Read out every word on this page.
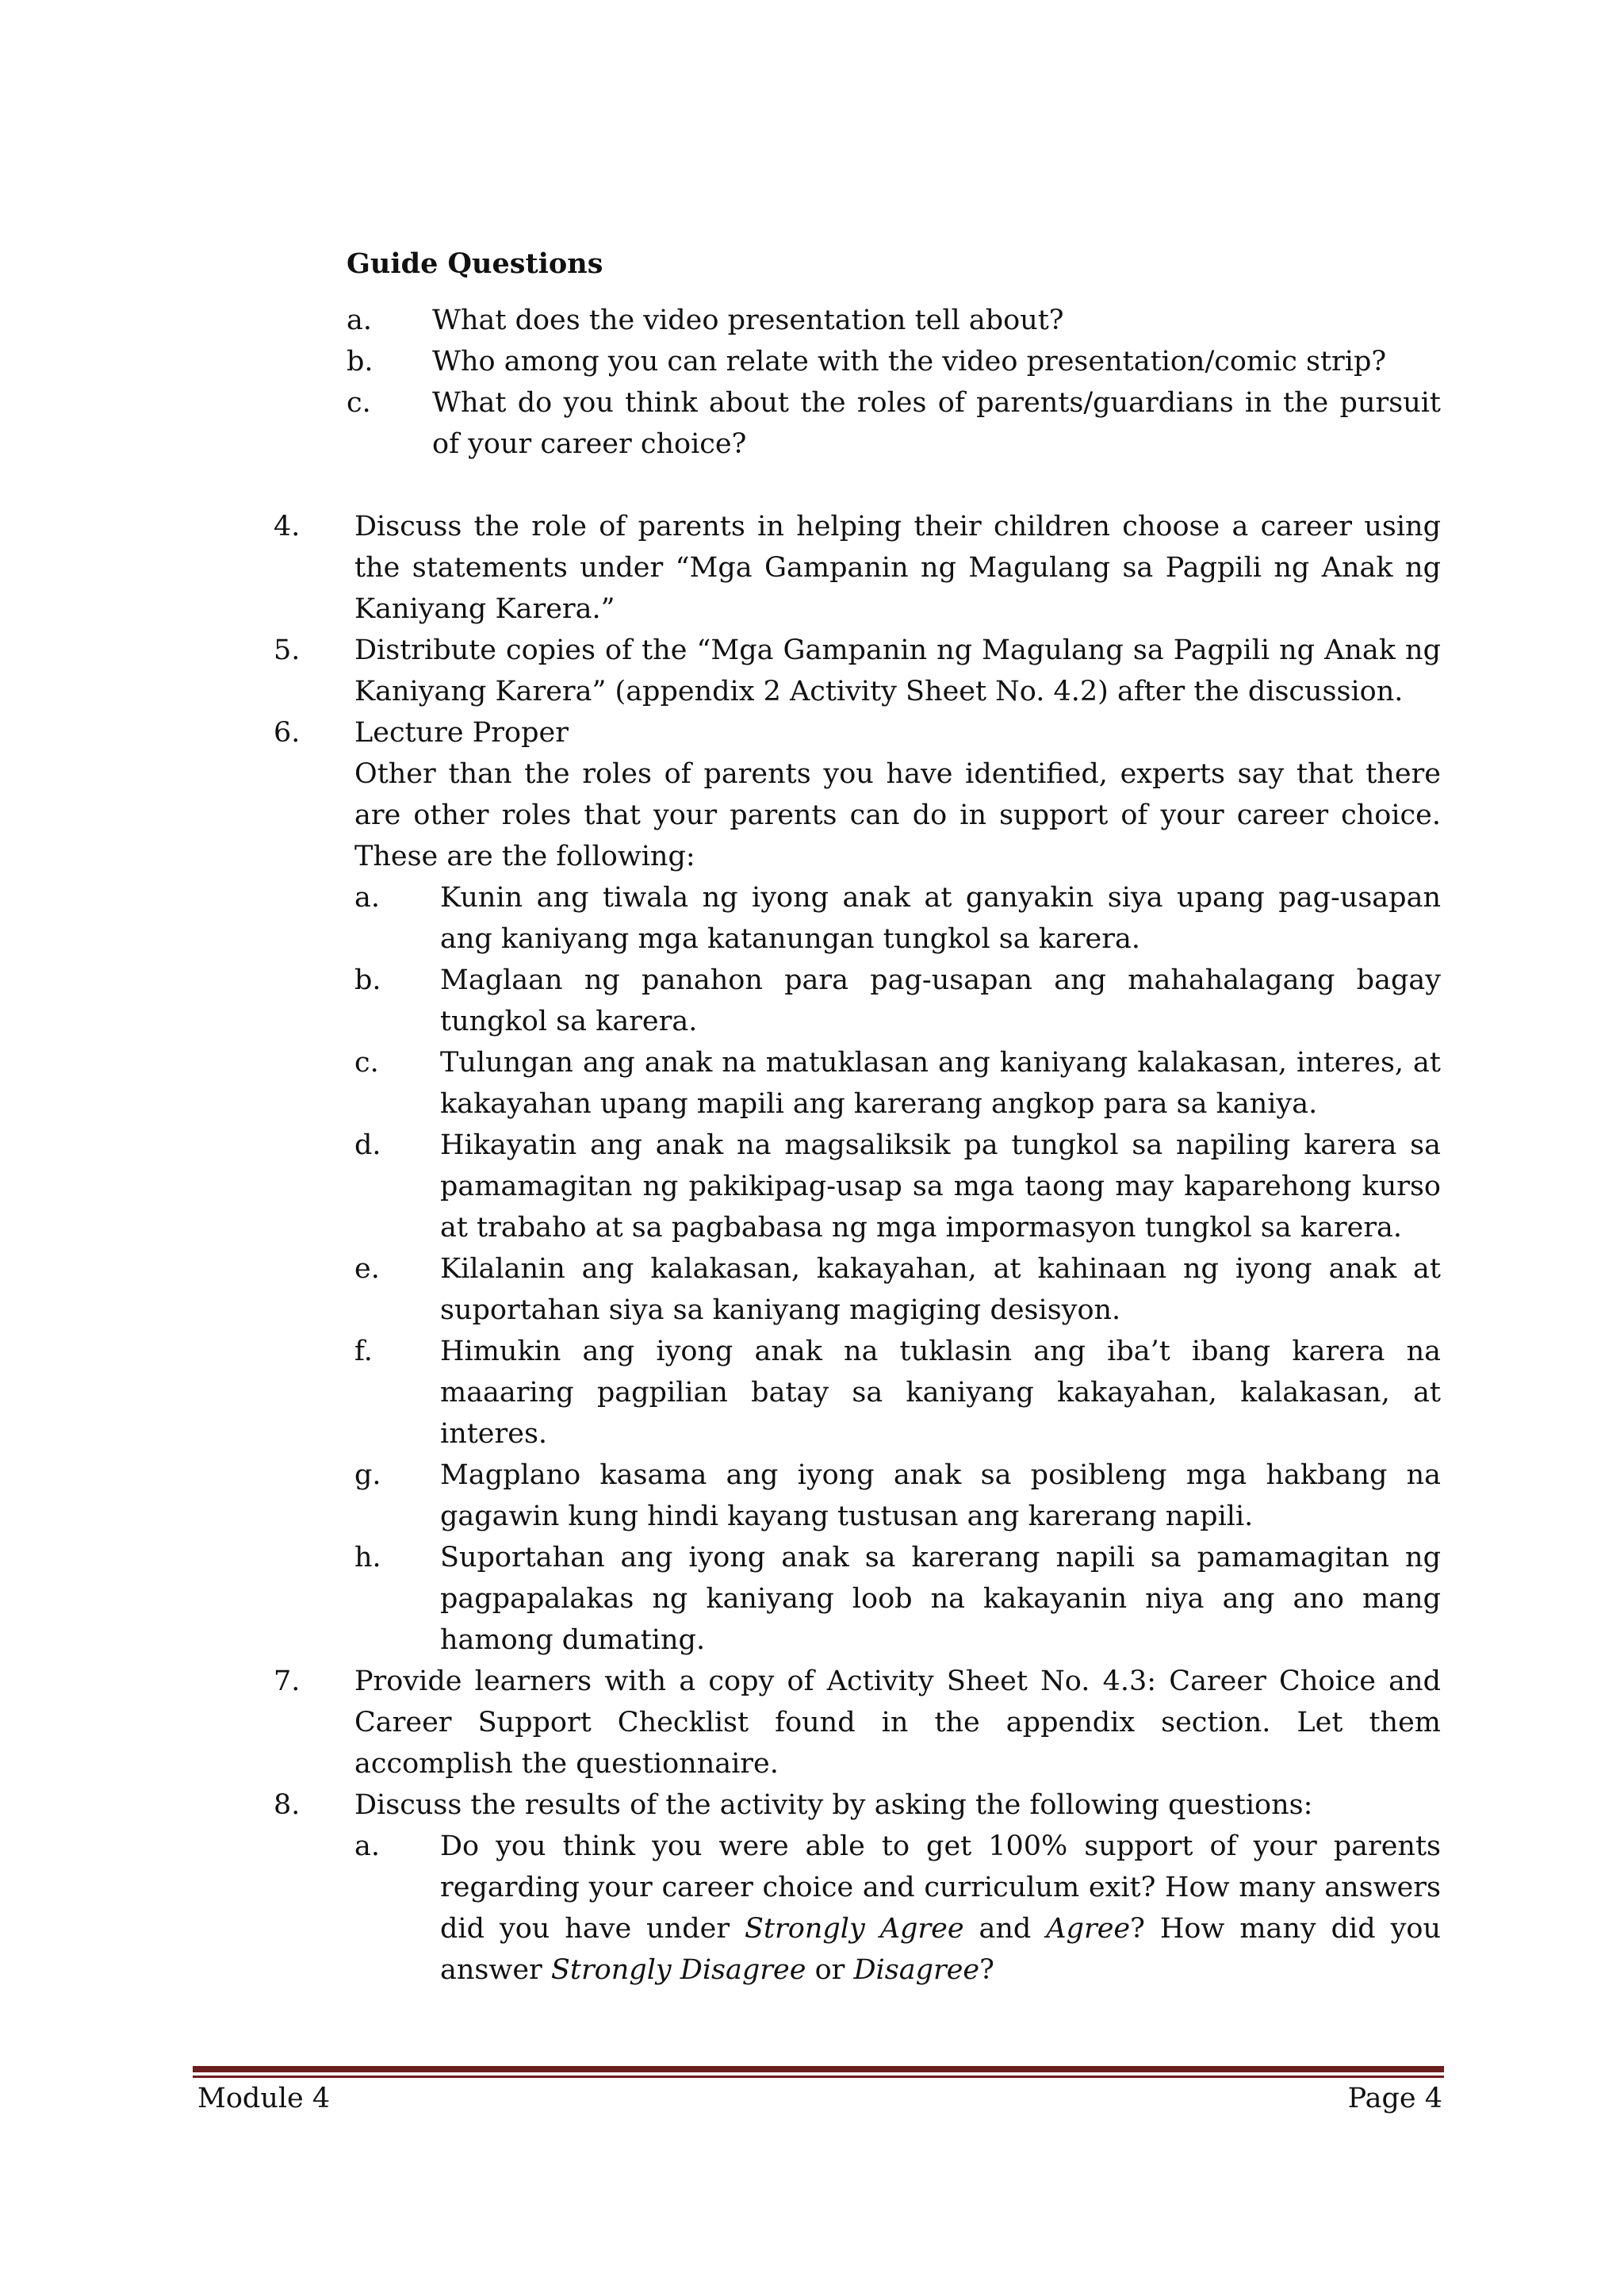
Guide Questions
a. What does the video presentation tell about?
b. Who among you can relate with the video presentation/comic strip?
c. What do you think about the roles of parents/guardians in the pursuit of your career choice?
4. Discuss the role of parents in helping their children choose a career using the statements under “Mga Gampanin ng Magulang sa Pagpili ng Anak ng Kaniyang Karera.”
5. Distribute copies of the “Mga Gampanin ng Magulang sa Pagpili ng Anak ng Kaniyang Karera” (appendix 2 Activity Sheet No. 4.2) after the discussion.
6. Lecture Proper

Other than the roles of parents you have identified, experts say that there are other roles that your parents can do in support of your career choice. These are the following:

a. Kunin ang tiwala ng iyong anak at ganyakin siya upang pag-usapan ang kaniyang mga katanungan tungkol sa karera.
b. Maglaan ng panahon para pag-usapan ang mahahalagang bagay tungkol sa karera.
c. Tulungan ang anak na matuklasan ang kaniyang kalakasan, interes, at kakayahan upang mapili ang karerang angkop para sa kaniya.
d. Hikayatin ang anak na magsaliksik pa tungkol sa napiling karera sa pamamagitan ng pakikipag-usap sa mga taong may kaparehong kurso at trabaho at sa pagbabasa ng mga impormasyon tungkol sa karera.
e. Kilalanin ang kalakasan, kakayahan, at kahinaan ng iyong anak at suportahan siya sa kaniyang magiging desisyon.
f. Himukin ang iyong anak na tuklasin ang iba’t ibang karera na maaaring pagpilian batay sa kaniyang kakayahan, kalakasan, at interes.
g. Magplano kasama ang iyong anak sa posibleng mga hakbang na gagawin kung hindi kayang tustusan ang karerang napili.
h. Suportahan ang iyong anak sa karerang napili sa pamamagitan ng pagpapalakas ng kaniyang loob na kakayanin niya ang ano mang hamong dumating.
7. Provide learners with a copy of Activity Sheet No. 4.3: Career Choice and Career Support Checklist found in the appendix section. Let them accomplish the questionnaire.
8. Discuss the results of the activity by asking the following questions:
a. Do you think you were able to get 100% support of your parents regarding your career choice and curriculum exit? How many answers did you have under Strongly Agree and Agree? How many did you answer Strongly Disagree or Disagree?
Module 4	Page 4
